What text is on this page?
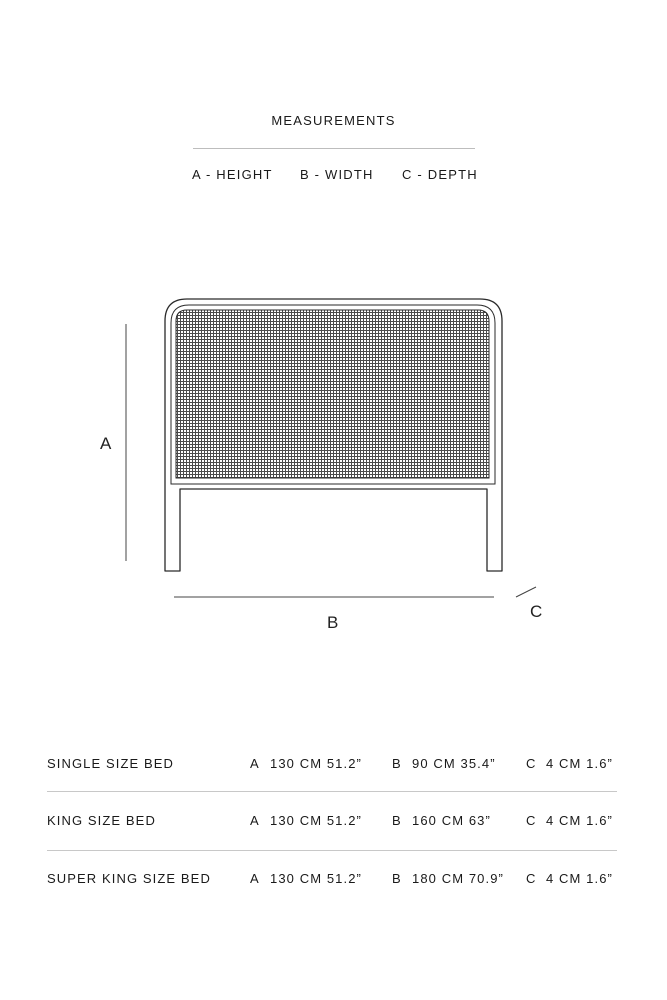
MEASUREMENTS
A - HEIGHT B - WIDTH C - DEPTH
A
B
C
SINGLE SIZE BED	A 130 CM 51.2” B 90 CM 35.4” C 4 CM 1.6”
KING SIZE BED	A 130 CM 51.2” B 160 CM 63”	C 4 CM 1.6”
SUPER KING SIZE BED	A 130 CM 51.2” B 180 CM 70.9” C 4 CM 1.6”
